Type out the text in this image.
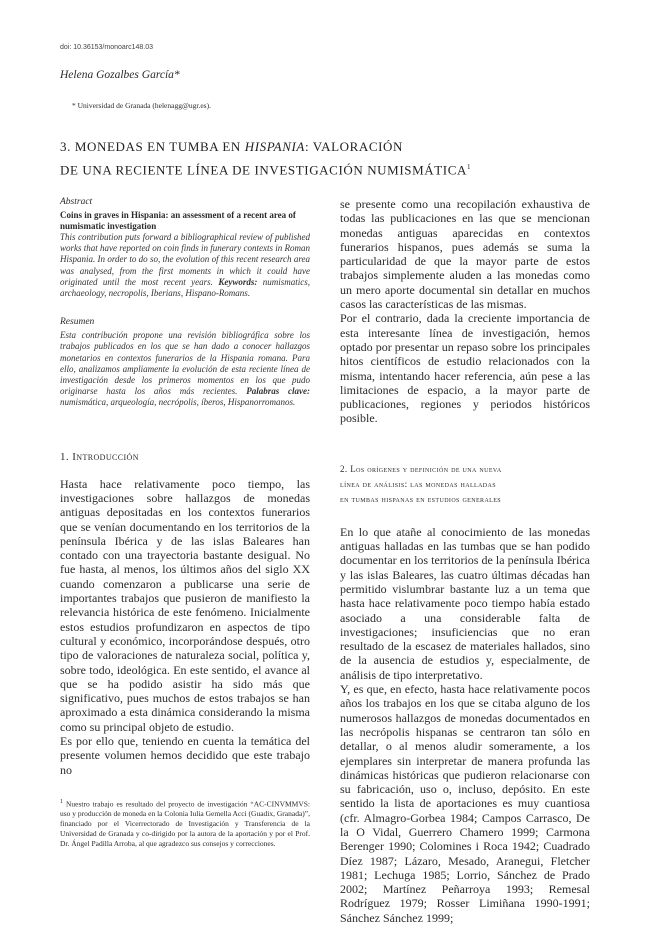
doi: 10.36153/monoarc148.03
Helena Gozalbes García*
* Universidad de Granada (helenagg@ugr.es).
3. MONEDAS EN TUMBA EN HISPANIA: VALORACIÓN
DE UNA RECIENTE LÍNEA DE INVESTIGACIÓN NUMISMÁTICA$^1$

Abstract

Coins in graves in Hispania: an assessment of a recent area of numismatic investigation

This contribution puts forward a bibliographical review of published works that have reported on coin finds in funerary contexts in Roman Hispania. In order to do so, the evolution of this recent research area was analysed, from the first moments in which it could have originated until the most recent years. Keywords: numismatics, archaeology, necropolis, Iberians, Hispano-Romans.

Resumen

Esta contribución propone una revisión bibliográfica sobre los trabajos publicados en los que se han dado a conocer hallazgos monetarios en contextos funerarios de la Hispania romana. Para ello, analizamos ampliamente la evolución de esta reciente línea de investigación desde los primeros momentos en los que pudo originarse hasta los años más recientes. Palabras clave: numismática, arqueología, necrópolis, íberos, Hispanorromanos.

1. Introducción

Hasta hace relativamente poco tiempo, las investigaciones sobre hallazgos de monedas antiguas depositadas en los contextos funerarios que se venían documentando en los territorios de la península Ibérica y de las islas Baleares han contado con una trayectoria bastante desigual. No fue hasta, al menos, los últimos años del siglo XX cuando comenzaron a publicarse una serie de importantes trabajos que pusieron de manifiesto la relevancia histórica de este fenómeno. Inicialmente estos estudios profundizaron en aspectos de tipo cultural y económico, incorporándose después, otro tipo de valoraciones de naturaleza social, política y, sobre todo, ideológica. En este sentido, el avance al que se ha podido asistir ha sido más que significativo, pues muchos de estos trabajos se han aproximado a esta dinámica considerando la misma como su principal objeto de estudio.

Es por ello que, teniendo en cuenta la temática del presente volumen hemos decidido que este trabajo no

$^1$ Nuestro trabajo es resultado del proyecto de investigación “AC-CINVMMVS: uso y producción de moneda en la Colonia Iulia Gemella Acci (Guadix, Granada)”, financiado por el Vicerrectorado de Investigación y Transferencia de la Universidad de Granada y co-dirigido por la autora de la aportación y por el Prof. Dr. Ángel Padilla Arroba, al que agradezco sus consejos y correcciones.

se presente como una recopilación exhaustiva de todas las publicaciones en las que se mencionan monedas antiguas aparecidas en contextos funerarios hispanos, pues además se suma la particularidad de que la mayor parte de estos trabajos simplemente aluden a las monedas como un mero aporte documental sin detallar en muchos casos las características de las mismas.

Por el contrario, dada la creciente importancia de esta interesante línea de investigación, hemos optado por presentar un repaso sobre los principales hitos científicos de estudio relacionados con la misma, intentando hacer referencia, aún pese a las limitaciones de espacio, a la mayor parte de publicaciones, regiones y periodos históricos posible.

2. Los orígenes y definición de una nueva

línea de análisis: las monedas halladas

en tumbas hispanas en estudios generales

En lo que atañe al conocimiento de las monedas antiguas halladas en las tumbas que se han podido documentar en los territorios de la península Ibérica y las islas Baleares, las cuatro últimas décadas han permitido vislumbrar bastante luz a un tema que hasta hace relativamente poco tiempo había estado asociado a una considerable falta de investigaciones; insuficiencias que no eran resultado de la escasez de materiales hallados, sino de la ausencia de estudios y, especialmente, de análisis de tipo interpretativo.

Y, es que, en efecto, hasta hace relativamente pocos años los trabajos en los que se citaba alguno de los numerosos hallazgos de monedas documentados en las necrópolis hispanas se centraron tan sólo en detallar, o al menos aludir someramente, a los ejemplares sin interpretar de manera profunda las dinámicas históricas que pudieron relacionarse con su fabricación, uso o, incluso, depósito. En este sentido la lista de aportaciones es muy cuantiosa (cfr. Almagro-Gorbea 1984; Campos Carrasco, De la O Vidal, Guerrero Chamero 1999; Carmona Berenger 1990; Colomines i Roca 1942; Cuadrado Díez 1987; Lázaro, Mesado, Aranegui, Fletcher 1981; Lechuga 1985; Lorrio, Sánchez de Prado 2002; Martínez Peñarroya 1993; Remesal Rodríguez 1979; Rosser Limiñana 1990-1991; Sánchez Sánchez 1999;
